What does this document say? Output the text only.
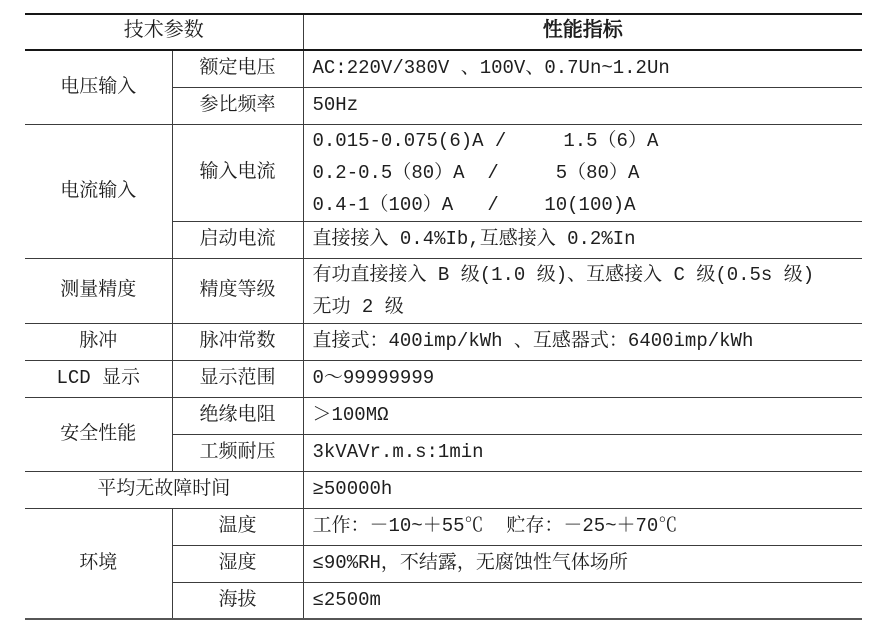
技术参数		性能指标
电压输入	额定电压	AC:220V/380V 、100V、0.7Un~1.2Un

	参比频率	50Hz

电流输入	输入电流	0.015-0.075(6)A /     1.5（6）A
0.2-0.5（80）A  /     5（80）A
0.4-1（100）A   /    10(100)A

	启动电流	直接接入 0.4%Ib,互感接入 0.2%In

测量精度	精度等级	有功直接接入 B 级(1.0 级)、互感接入 C 级(0.5s 级)
无功 2 级

脉冲	脉冲常数	直接式：400imp/kWh 、互感器式：6400imp/kWh

LCD 显示	显示范围	0～99999999

安全性能	绝缘电阻	＞100MΩ

	工频耐压	3kVAVr.m.s:1min

平均无故障时间		≥50000h

环境	温度	工作：－10~＋55℃  贮存：－25~＋70℃

	湿度	≤90%RH，不结露，无腐蚀性气体场所

	海拔	≤2500m
